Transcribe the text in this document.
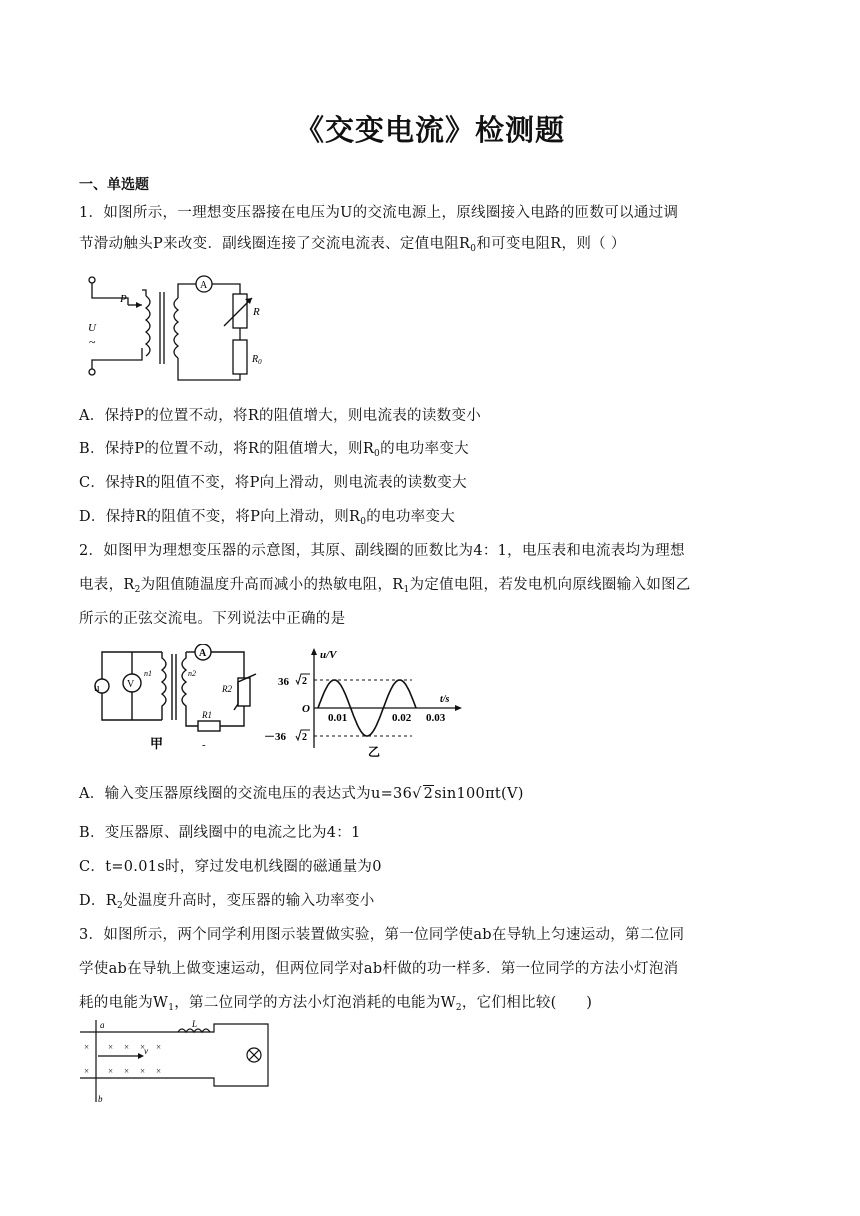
《交变电流》检测题
一、单选题
1．如图所示，一理想变压器接在电压为U的交流电源上，原线圈接入电路的匝数可以通过调
节滑动触头P来改变．副线圈连接了交流电流表、定值电阻$R_0$和可变电阻R，则（ ）
P
U
~
A
R
$R_0$
A．保持P的位置不动，将R的阻值增大，则电流表的读数变小
B．保持P的位置不动，将R的阻值增大，则$R_0$的电功率变大
C．保持R的阻值不变，将P向上滑动，则电流表的读数变大
D．保持R的阻值不变，将P向上滑动，则$R_0$的电功率变大
2．如图甲为理想变压器的示意图，其原、副线圈的匝数比为4：1，电压表和电流表均为理想
电表，$R_2$为阻值随温度升高而减小的热敏电阻，$R_1$为定值电阻，若发电机向原线圈输入如图乙
所示的正弦交流电。下列说法中正确的是
u	V
A
n1	n2
R2
R1
甲	-
u/V
t/s
O
36 2
－36 2
0.01	0.02 0.03
乙
A．输入变压器原线圈的交流电压的表达式为u=36√ 2sin100πt(V)
B．变压器原、副线圈中的电流之比为4：1
C．t=0.01s时，穿过发电机线圈的磁通量为0
D．$R_2$处温度升高时，变压器的输入功率变小
3．如图所示，两个同学利用图示装置做实验，第一位同学使ab在导轨上匀速运动，第二位同
学使ab在导轨上做变速运动，但两位同学对ab杆做的功一样多．第一位同学的方法小灯泡消
耗的电能为$W_1$，第二位同学的方法小灯泡消耗的电能为$W_2$，它们相比较(　　)
× × × ×
× × × ×
×
×
a
b
v
L
